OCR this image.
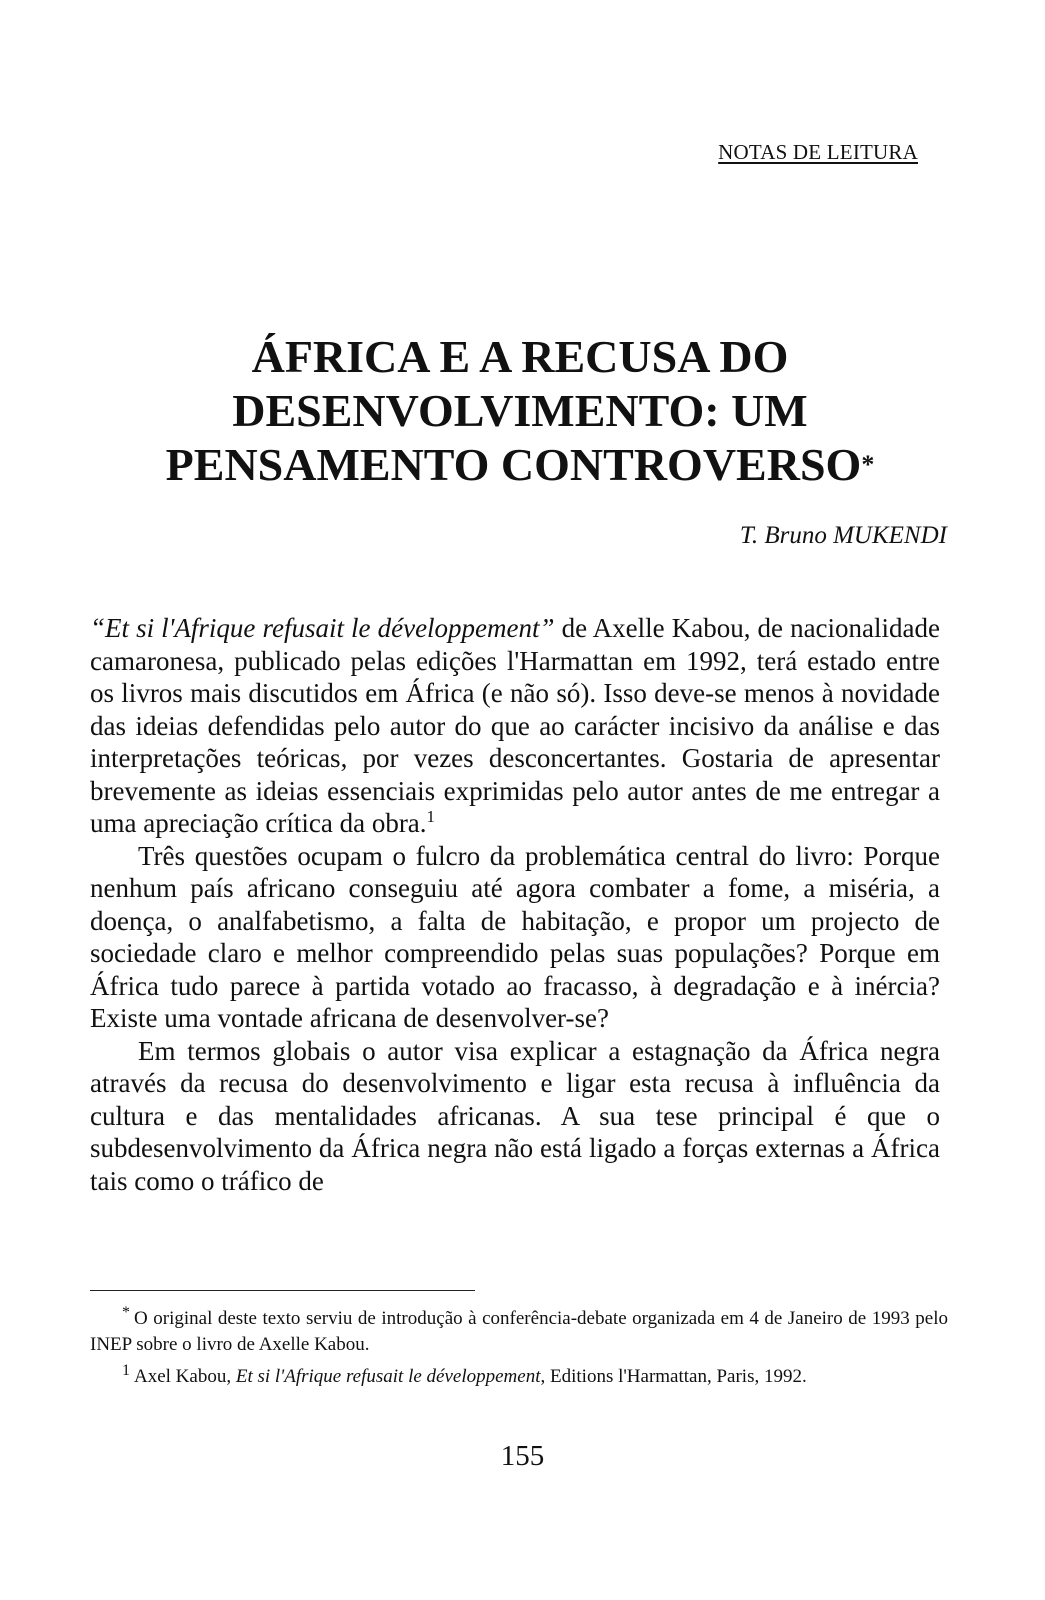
NOTAS DE LEITURA
ÁFRICA E A RECUSA DO
DESENVOLVIMENTO: UM
PENSAMENTO CONTROVERSO*
T. Bruno MUKENDI

“Et si l'Afrique refusait le développement” de Axelle Kabou, de nacionalidade camaronesa, publicado pelas edições l'Harmattan em 1992, terá estado entre os livros mais discutidos em África (e não só). Isso deve-se menos à novidade das ideias defendidas pelo autor do que ao carácter incisivo da análise e das interpretações teóricas, por vezes desconcertantes. Gostaria de apresentar brevemente as ideias essenciais exprimidas pelo autor antes de me entregar a uma apreciação crítica da obra.$^1$

Três questões ocupam o fulcro da problemática central do livro: Porque nenhum país africano conseguiu até agora combater a fome, a miséria, a doença, o analfabetismo, a falta de habitação, e propor um projecto de sociedade claro e melhor compreendido pelas suas populações? Porque em África tudo parece à partida votado ao fracasso, à degradação e à inércia? Existe uma vontade africana de desenvolver-se?

Em termos globais o autor visa explicar a estagnação da África negra através da recusa do desenvolvimento e ligar esta recusa à influência da cultura e das mentalidades africanas. A sua tese principal é que o subdesenvolvimento da África negra não está ligado a forças externas a África tais como o tráfico de

* O original deste texto serviu de introdução à conferência-debate organizada em 4 de Janeiro de 1993 pelo INEP sobre o livro de Axelle Kabou.

$^1$ Axel Kabou, Et si l'Afrique refusait le développement, Editions l'Harmattan, Paris, 1992.

155
